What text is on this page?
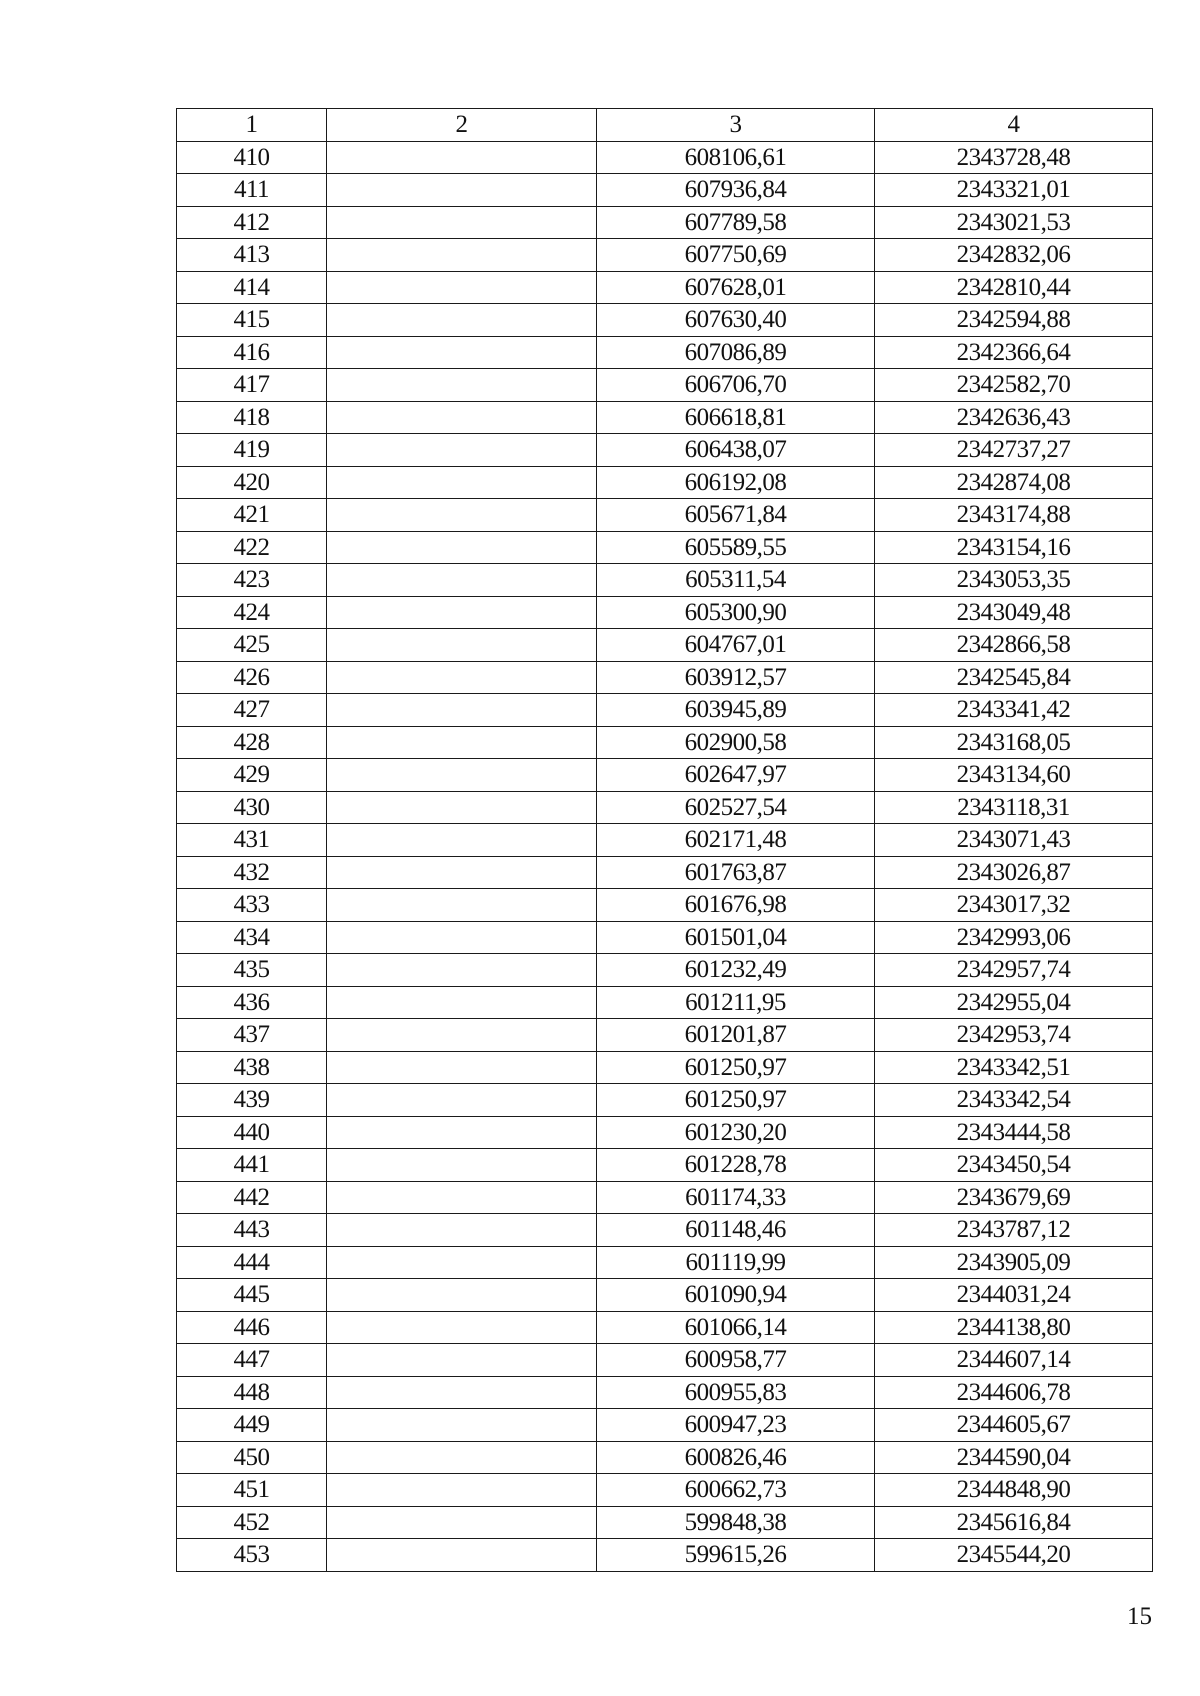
1	2	3	4
410		608106,61	2343728,48
411		607936,84	2343321,01
412		607789,58	2343021,53
413		607750,69	2342832,06
414		607628,01	2342810,44
415		607630,40	2342594,88
416		607086,89	2342366,64
417		606706,70	2342582,70
418		606618,81	2342636,43
419		606438,07	2342737,27
420		606192,08	2342874,08
421		605671,84	2343174,88
422		605589,55	2343154,16
423		605311,54	2343053,35
424		605300,90	2343049,48
425		604767,01	2342866,58
426		603912,57	2342545,84
427		603945,89	2343341,42
428		602900,58	2343168,05
429		602647,97	2343134,60
430		602527,54	2343118,31
431		602171,48	2343071,43
432		601763,87	2343026,87
433		601676,98	2343017,32
434		601501,04	2342993,06
435		601232,49	2342957,74
436		601211,95	2342955,04
437		601201,87	2342953,74
438		601250,97	2343342,51
439		601250,97	2343342,54
440		601230,20	2343444,58
441		601228,78	2343450,54
442		601174,33	2343679,69
443		601148,46	2343787,12
444		601119,99	2343905,09
445		601090,94	2344031,24
446		601066,14	2344138,80
447		600958,77	2344607,14
448		600955,83	2344606,78
449		600947,23	2344605,67
450		600826,46	2344590,04
451		600662,73	2344848,90
452		599848,38	2345616,84
453		599615,26	2345544,20
15
